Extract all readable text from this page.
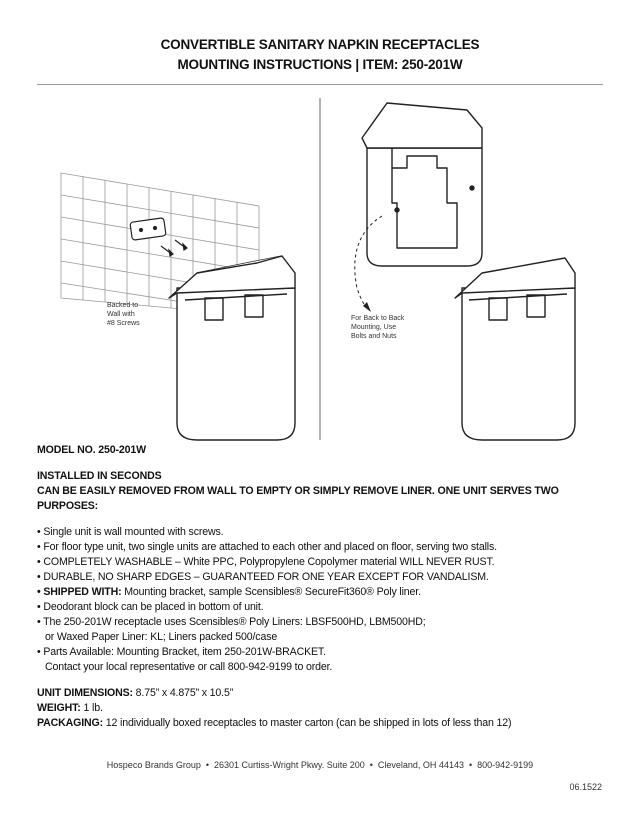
CONVERTIBLE SANITARY NAPKIN RECEPTACLES
MOUNTING INSTRUCTIONS | ITEM: 250-201W
Backed to
Wall with
#8 Screws
For Back to Back
Mounting, Use
Bolts and Nuts
MODEL NO. 250-201W
INSTALLED IN SECONDS
CAN BE EASILY REMOVED FROM WALL TO EMPTY OR SIMPLY REMOVE LINER. ONE UNIT SERVES TWO PURPOSES:
• Single unit is wall mounted with screws.
• For floor type unit, two single units are attached to each other and placed on floor, serving two stalls.
• COMPLETELY WASHABLE – White PPC, Polypropylene Copolymer material WILL NEVER RUST.
• DURABLE, NO SHARP EDGES – GUARANTEED FOR ONE YEAR EXCEPT FOR VANDALISM.
• SHIPPED WITH: Mounting bracket, sample Scensibles® SecureFit360® Poly liner.
• Deodorant block can be placed in bottom of unit.
• The 250-201W receptacle uses Scensibles® Poly Liners: LBSF500HD, LBM500HD;
or Waxed Paper Liner: KL; Liners packed 500/case
• Parts Available: Mounting Bracket, item 250-201W-BRACKET.
Contact your local representative or call 800-942-9199 to order.
UNIT DIMENSIONS: 8.75” x 4.875” x 10.5”
WEIGHT: 1 lb.
PACKAGING: 12 individually boxed receptacles to master carton (can be shipped in lots of less than 12)
Hospeco Brands Group • 26301 Curtiss-Wright Pkwy. Suite 200 • Cleveland, OH 44143 • 800-942-9199
06.1522
